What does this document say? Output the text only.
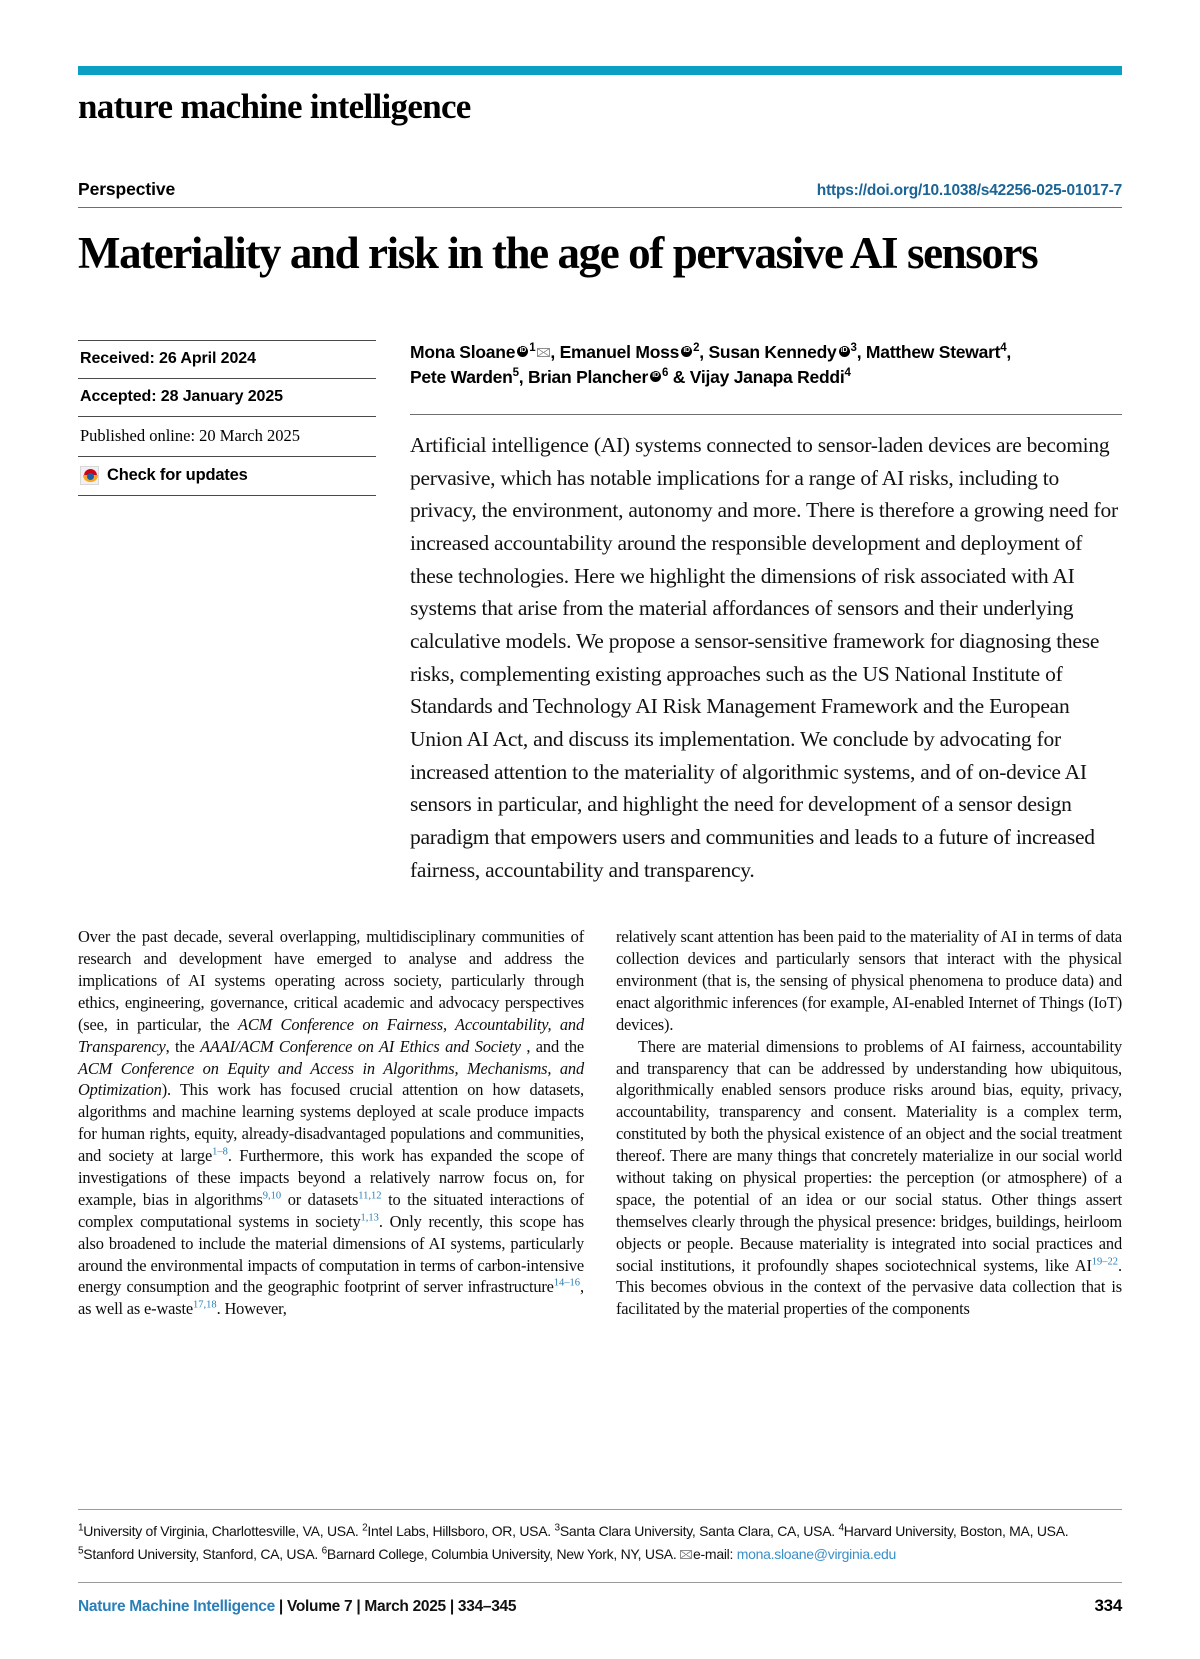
nature machine intelligence
Perspective	https://doi.org/10.1038/s42256-025-01017-7
Materiality and risk in the age of pervasive AI sensors
Received: 26 April 2024
Accepted: 28 January 2025
Published online: 20 March 2025
Check for updates
Mona Sloane iD $^1$ , Emanuel Moss iD $^2$, Susan Kennedy iD $^3$, Matthew Stewart$^4$,
Pete Warden$^5$, Brian Plancher iD $^6$ & Vijay Janapa Reddi$^4$
Artificial intelligence (AI) systems connected to sensor-laden devices are becoming pervasive, which has notable implications for a range of AI risks, including to privacy, the environment, autonomy and more. There is therefore a growing need for increased accountability around the responsible development and deployment of these technologies. Here we highlight the dimensions of risk associated with AI systems that arise from the material affordances of sensors and their underlying calculative models. We propose a sensor-sensitive framework for diagnosing these risks, complementing existing approaches such as the US National Institute of Standards and Technology AI Risk Management Framework and the European Union AI Act, and discuss its implementation. We conclude by advocating for increased attention to the materiality of algorithmic systems, and of on-device AI sensors in particular, and highlight the need for development of a sensor design paradigm that empowers users and communities and leads to a future of increased fairness, accountability and transparency.

Over the past decade, several overlapping, multidisciplinary communities of research and development have emerged to analyse and address the implications of AI systems operating across society, particularly through ethics, engineering, governance, critical academic and advocacy perspectives (see, in particular, the ACM Conference on Fairness, Accountability, and Transparency, the AAAI/ACM Conference on AI Ethics and Society , and the ACM Conference on Equity and Access in Algorithms, Mechanisms, and Optimization). This work has focused crucial attention on how datasets, algorithms and machine learning systems deployed at scale produce impacts for human rights, equity, already-disadvantaged populations and communities, and society at large$^{1-8}$. Furthermore, this work has expanded the scope of investigations of these impacts beyond a relatively narrow focus on, for example, bias in algorithms$^{9,10}$ or datasets$^{11,12}$ to the situated interactions of complex computational systems in society$^{1,13}$. Only recently, this scope has also broadened to include the material dimensions of AI systems, particularly around the environmental impacts of computation in terms of carbon-intensive energy consumption and the geographic footprint of server infrastructure$^{14-16}$, as well as e-waste$^{17,18}$. However,

relatively scant attention has been paid to the materiality of AI in terms of data collection devices and particularly sensors that interact with the physical environment (that is, the sensing of physical phenomena to produce data) and enact algorithmic inferences (for example, AI-enabled Internet of Things (IoT) devices).

There are material dimensions to problems of AI fairness, accountability and transparency that can be addressed by understanding how ubiquitous, algorithmically enabled sensors produce risks around bias, equity, privacy, accountability, transparency and consent. Materiality is a complex term, constituted by both the physical existence of an object and the social treatment thereof. There are many things that concretely materialize in our social world without taking on physical properties: the perception (or atmosphere) of a space, the potential of an idea or our social status. Other things assert themselves clearly through the physical presence: bridges, buildings, heirloom objects or people. Because materiality is integrated into social practices and social institutions, it profoundly shapes sociotechnical systems, like AI$^{19-22}$. This becomes obvious in the context of the pervasive data collection that is facilitated by the material properties of the components

$^1$University of Virginia, Charlottesville, VA, USA. $^2$Intel Labs, Hillsboro, OR, USA. $^3$Santa Clara University, Santa Clara, CA, USA. $^4$Harvard University, Boston, MA, USA. $^5$Stanford University, Stanford, CA, USA. $^6$Barnard College, Columbia University, New York, NY, USA. e-mail: mona.sloane@virginia.edu
Nature Machine Intelligence | Volume 7 | March 2025 | 334–345	334
